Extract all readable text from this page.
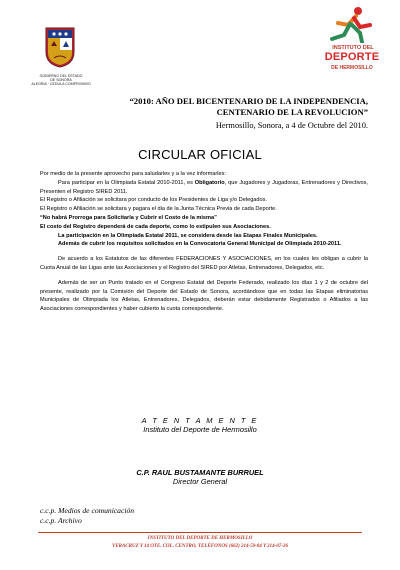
GOBIERNO DEL ESTADO
DE SONORA
ALEGRIA · CEDULA COMPROMISO
INSTITUTO DEL
DEPORTE
DE HERMOSILLO
“2010: AÑO DEL BICENTENARIO DE LA INDEPENDENCIA,
CENTENARIO DE LA REVOLUCION”
Hermosillo, Sonora, a 4 de Octubre del 2010.
CIRCULAR OFICIAL

Por medio de la presente aprovecho para saludarles y a la vez informarles:

Para participar en la Olimpiada Estatal 2010-2011, es Obligatorio, que Jugadores y Jugadoras, Entrenadores y Directivos, Presenten el Registro SIRED 2011.

El Registro o Afiliación se solicitara por conducto de los Presidentes de Liga y/o Delegados.

El Registro o Afiliación se solicitara y pagara el dia de la Junta Técnica Previa de cada Deporte.

“No habrá Prorroga para Solicitarla y Cubrir el Costo de la misma”

El costo del Registro dependerá de cada deporte, como lo estipulen sus Asociaciones.

La participación en la Olimpiada Estatal 2011, se considera desde las Etapas Finales Municipales.

Además de cubrir los requisitos solicitados en la Convocatoria General Municipal de Olimpiada 2010-2011.

De acuerdo a los Estatutos de las diferentes FEDERACIONES Y ASOCIACIONES, en los cuales les obligan a cubrir la Cuota Anual de las Ligas ante las Asociaciones y el Registro del SIRED por Atletas, Entrenadores, Delegados, etc.

Además de ser un Punto tratado en el Congreso Estatal del Deporte Federado, realizado los días 1 y 2 de octubre del presente, realizado por la Comisión del Deporte del Estado de Sonora, acordándose que en todas las Etapas eliminatorias Municipales de Olimpiada los Atletas, Entrenadores, Delegados, deberán estar debidamente Registrados o Afiliados a las Asociaciones correspondientes y haber cubierto la cuota correspondiente.

A T E N T A M E N T E
Instituto del Deporte de Hermosillo
C.P. RAUL BUSTAMANTE BURRUEL
Director General
c.c.p. Medios de comunicación
c.c.p. Archivo
INSTITUTO DEL DEPORTE DE HERMOSILLO
VERACRUZ Y 14 OTE. COL. CENTRO, TELÉFONOS (662) 214-59-84 Y 214-07-26
